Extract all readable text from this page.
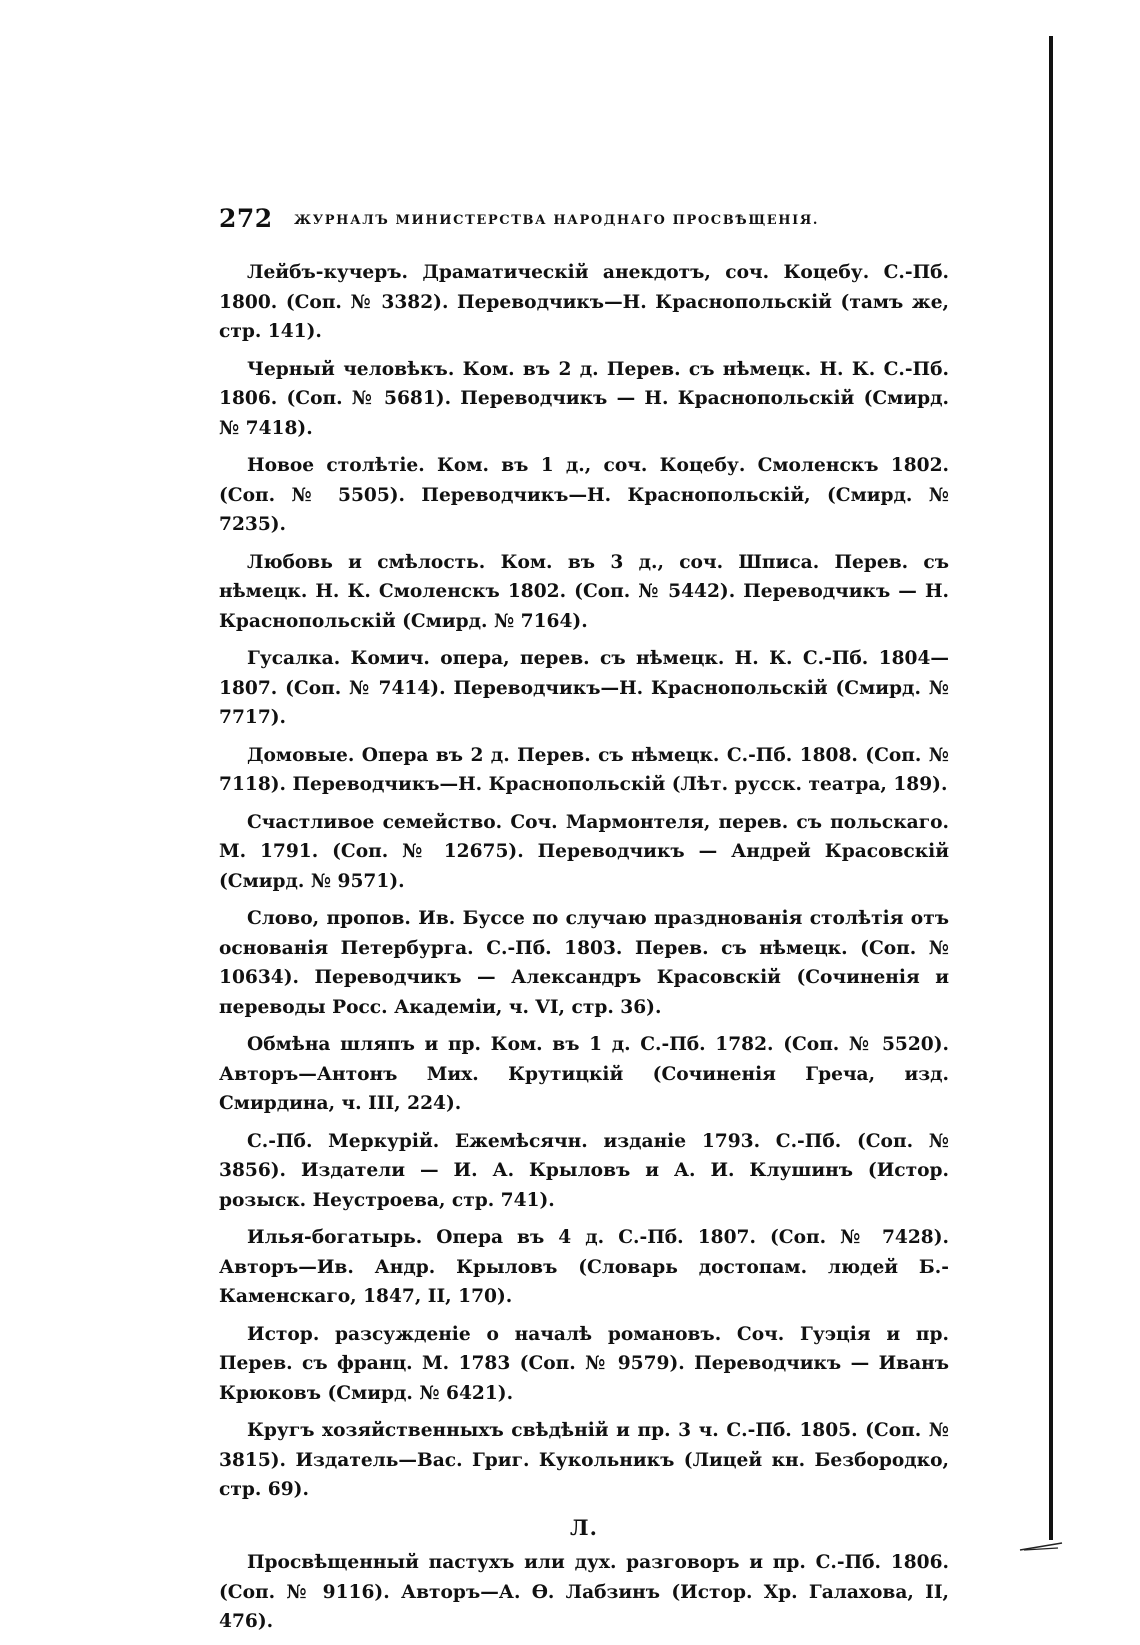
272 ЖУРНАЛЪ МИНИСТЕРСТВА НАРОДНАГО ПРОСВѢЩЕНІЯ.

Лейбъ-кучеръ. Драматическій анекдотъ, соч. Коцебу. С.-Пб. 1800. (Соп. № 3382). Переводчикъ—Н. Краснопольскій (тамъ же, стр. 141).

Черный человѣкъ. Ком. въ 2 д. Перев. съ нѣмецк. Н. К. С.-Пб. 1806. (Соп. № 5681). Переводчикъ — Н. Краснопольскій (Смирд. № 7418).

Новое столѣтіе. Ком. въ 1 д., соч. Коцебу. Смоленскъ 1802. (Соп. № 5505). Переводчикъ—Н. Краснопольскій, (Смирд. № 7235).

Любовь и смѣлость. Ком. въ 3 д., соч. Шписа. Перев. съ нѣмецк. Н. К. Смоленскъ 1802. (Соп. № 5442). Переводчикъ — Н. Краснопольскій (Смирд. № 7164).

Гусалка. Комич. опера, перев. съ нѣмецк. Н. К. С.-Пб. 1804—1807. (Соп. № 7414). Переводчикъ—Н. Краснопольскій (Смирд. № 7717).

Домовые. Опера въ 2 д. Перев. съ нѣмецк. С.-Пб. 1808. (Соп. № 7118). Переводчикъ—Н. Краснопольскій (Лѣт. русск. театра, 189).

Счастливое семейство. Соч. Мармонтеля, перев. съ польскаго. М. 1791. (Соп. № 12675). Переводчикъ — Андрей Красовскій (Смирд. № 9571).

Слово, пропов. Ив. Буссе по случаю празднованія столѣтія отъ основанія Петербурга. С.-Пб. 1803. Перев. съ нѣмецк. (Соп. № 10634). Переводчикъ — Александръ Красовскій (Сочиненія и переводы Росс. Академіи, ч. VI, стр. 36).

Обмѣна шляпъ и пр. Ком. въ 1 д. С.-Пб. 1782. (Соп. № 5520). Авторъ—Антонъ Мих. Крутицкій (Сочиненія Греча, изд. Смирдина, ч. III, 224).

С.-Пб. Меркурій. Ежемѣсячн. изданіе 1793. С.-Пб. (Соп. № 3856). Издатели — И. А. Крыловъ и А. И. Клушинъ (Истор. розыск. Неустроева, стр. 741).

Илья-богатырь. Опера въ 4 д. С.-Пб. 1807. (Соп. № 7428). Авторъ—Ив. Андр. Крыловъ (Словарь достопам. людей Б.-Каменскаго, 1847, II, 170).

Истор. разсужденіе о началѣ романовъ. Соч. Гуэція и пр. Перев. съ франц. М. 1783 (Соп. № 9579). Переводчикъ — Иванъ Крюковъ (Смирд. № 6421).

Кругъ хозяйственныхъ свѣдѣній и пр. 3 ч. С.-Пб. 1805. (Соп. № 3815). Издатель—Вас. Григ. Кукольникъ (Лицей кн. Безбородко, стр. 69).

Л.

Просвѣщенный пастухъ или дух. разговоръ и пр. С.-Пб. 1806. (Соп. № 9116). Авторъ—А. Ѳ. Лабзинъ (Истор. Хр. Галахова, II, 476).
